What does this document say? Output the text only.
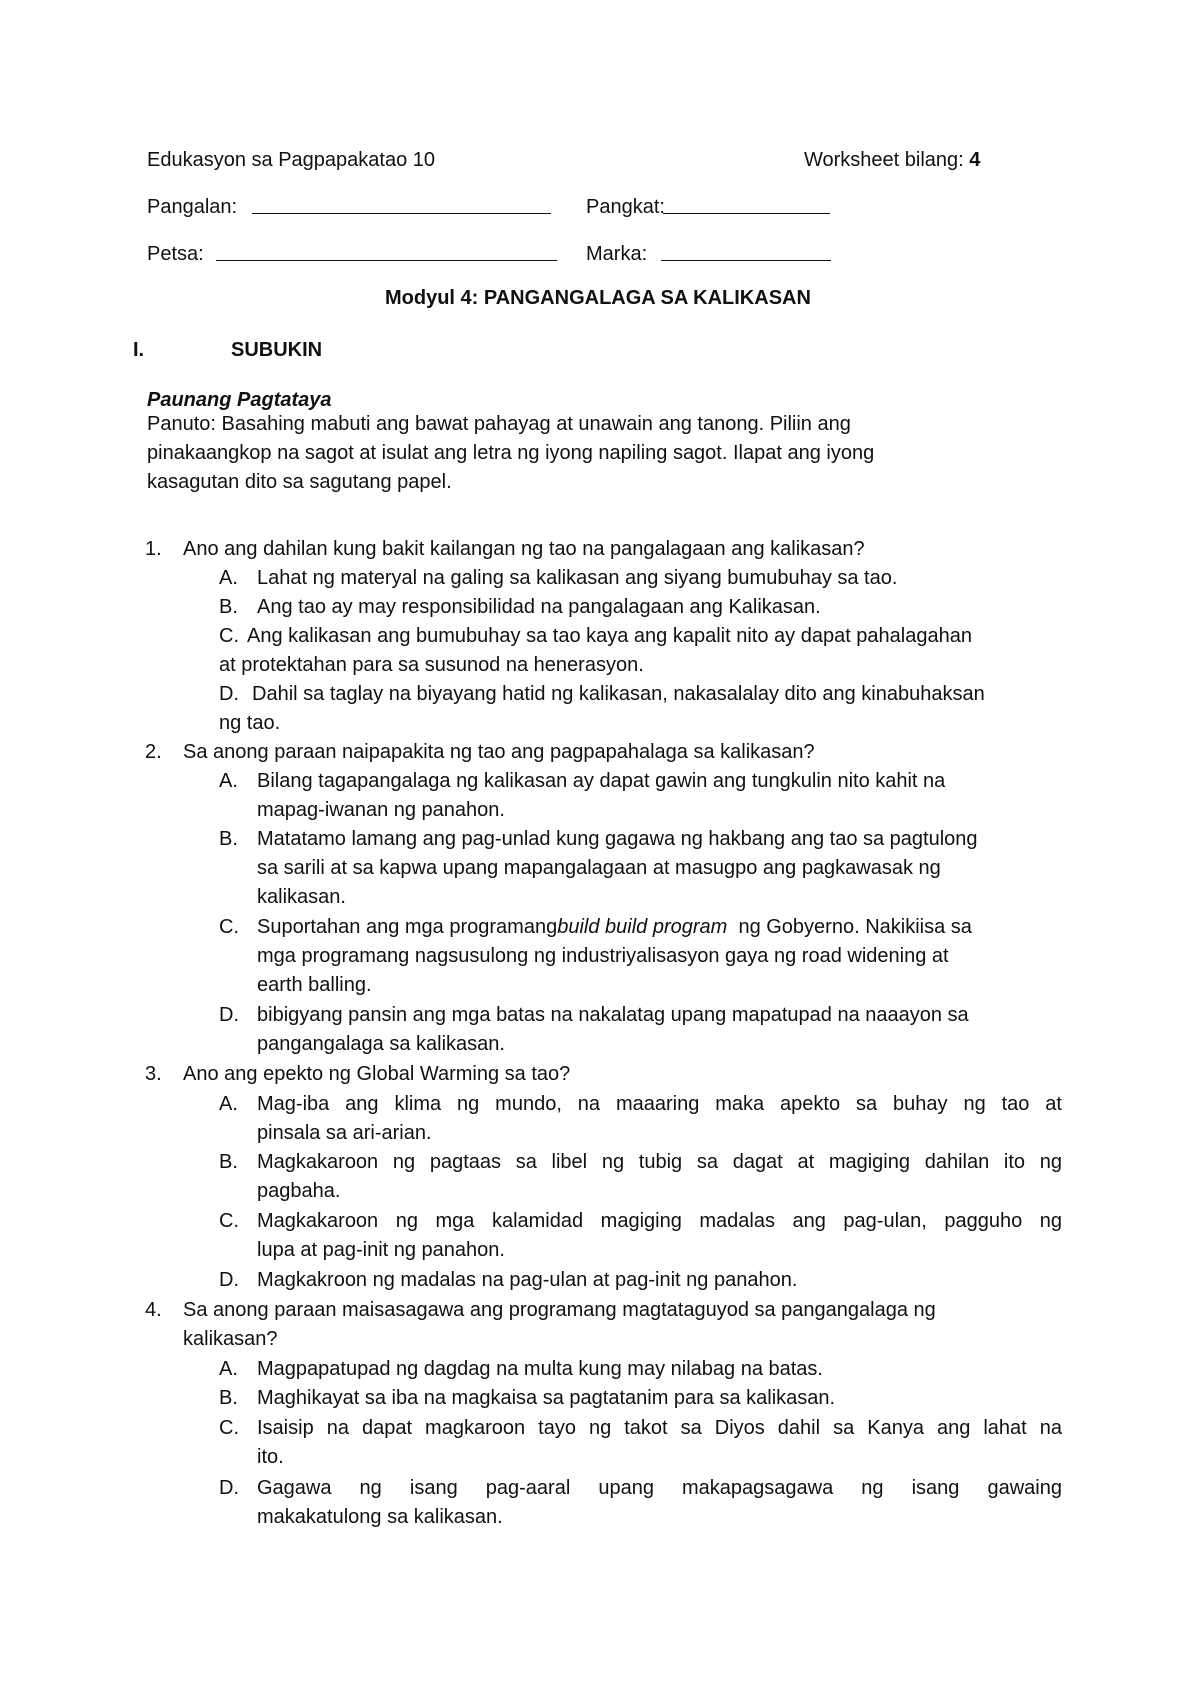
Edukasyon sa Pagpapakatao 10	Worksheet bilang: 4
Pangalan:	Pangkat:
Petsa:	Marka:
Modyul 4: PANGANGALAGA SA KALIKASAN
I.	SUBUKIN
Paunang Pagtataya
Panuto: Basahing mabuti ang bawat pahayag at unawain ang tanong. Piliin ang
pinakaangkop na sagot at isulat ang letra ng iyong napiling sagot. Ilapat ang iyong
kasagutan dito sa sagutang papel.
1. Ano ang dahilan kung bakit kailangan ng tao na pangalagaan ang kalikasan?
A. Lahat ng materyal na galing sa kalikasan ang siyang bumubuhay sa tao.
B. Ang tao ay may responsibilidad na pangalagaan ang Kalikasan.
C. Ang kalikasan ang bumubuhay sa tao kaya ang kapalit nito ay dapat pahalagahan
at protektahan para sa susunod na henerasyon.
D. Dahil sa taglay na biyayang hatid ng kalikasan, nakasalalay dito ang kinabuhaksan
ng tao.
2. Sa anong paraan naipapakita ng tao ang pagpapahalaga sa kalikasan?
A. Bilang tagapangalaga ng kalikasan ay dapat gawin ang tungkulin nito kahit na
mapag-iwanan ng panahon.
B. Matatamo lamang ang pag-unlad kung gagawa ng hakbang ang tao sa pagtulong
sa sarili at sa kapwa upang mapangalagaan at masugpo ang pagkawasak ng
kalikasan.
C. Suportahan ang mga programangbuild build program  ng Gobyerno. Nakikiisa sa
mga programang nagsusulong ng industriyalisasyon gaya ng road widening at
earth balling.
D. bibigyang pansin ang mga batas na nakalatag upang mapatupad na naaayon sa
pangangalaga sa kalikasan.
3. Ano ang epekto ng Global Warming sa tao?
A. Mag-iba ang klima ng mundo, na maaaring maka apekto sa buhay ng tao at
pinsala sa ari-arian.
B. Magkakaroon ng pagtaas sa libel ng tubig sa dagat at magiging dahilan ito ng
pagbaha.
C. Magkakaroon ng mga kalamidad magiging madalas ang pag-ulan, pagguho ng
lupa at pag-init ng panahon.
D. Magkakroon ng madalas na pag-ulan at pag-init ng panahon.
4. Sa anong paraan maisasagawa ang programang magtataguyod sa pangangalaga ng
kalikasan?
A. Magpapatupad ng dagdag na multa kung may nilabag na batas.
B. Maghikayat sa iba na magkaisa sa pagtatanim para sa kalikasan.
C. Isaisip na dapat magkaroon tayo ng takot sa Diyos dahil sa Kanya ang lahat na
ito.
D. Gagawa ng isang pag-aaral upang makapagsagawa ng isang gawaing
makakatulong sa kalikasan.
